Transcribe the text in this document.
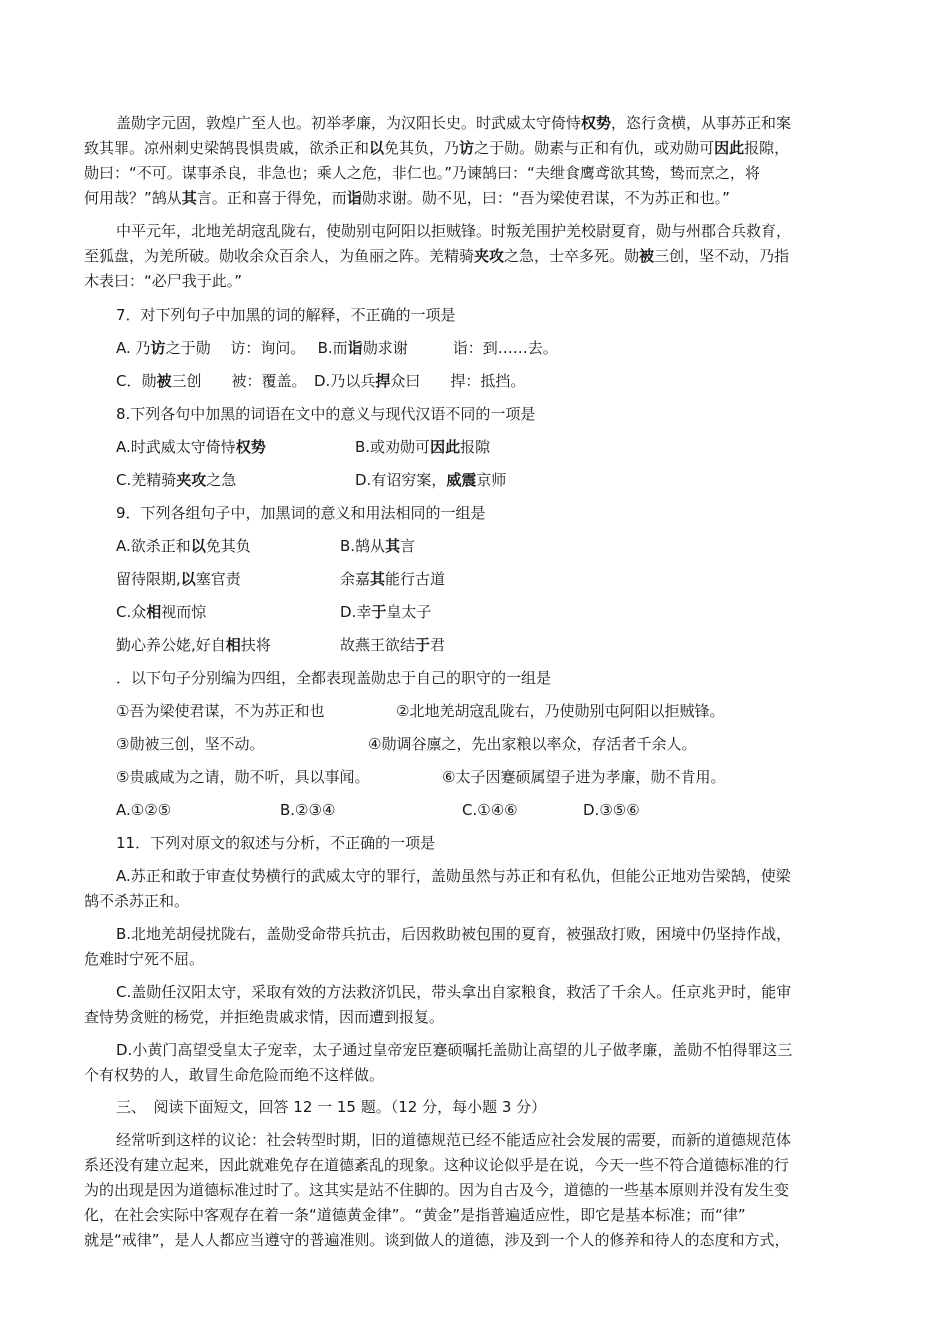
盖勋字元固，敦煌广至人也。初举孝廉，为汉阳长史。时武威太守倚恃权势，恣行贪横，从事苏正和案
致其罪。凉州刺史梁鹄畏惧贵戚，欲杀正和以免其负，乃访之于勋。勋素与正和有仇，或劝勋可因此报隙，
勋曰：“不可。谋事杀良，非急也；乘人之危，非仁也。”乃谏鹄曰：“夫绁食鹰鸢欲其鸷，鸷而烹之，将
何用哉？”鹄从其言。正和喜于得免，而诣勋求谢。勋不见，曰：“吾为梁使君谋，不为苏正和也。”
中平元年，北地羌胡寇乱陇右，使勋别屯阿阳以拒贼锋。时叛羌围护羌校尉夏育，勋与州郡合兵救育，
至狐盘，为羌所破。勋收余众百余人，为鱼丽之阵。羌精骑夹攻之急，士卒多死。勋被三创，坚不动，乃指
木表曰：“必尸我于此。”
7．对下列句子中加黑的词的解释，不正确的一项是
A. 乃访之于勋　 访：询问。　 B.而诣勋求谢　　　诣：到……去。
C．勋被三创　　被：覆盖。　D.乃以兵捍众曰　　捍：抵挡。
8.下列各句中加黑的词语在文中的意义与现代汉语不同的一项是
A.时武威太守倚恃权势	B.或劝勋可因此报隙
C.羌精骑夹攻之急	D.有诏穷案，威震京师
9．下列各组句子中，加黑词的意义和用法相同的一组是
A.欲杀正和以免其负	B.鹄从其言
留待限期,以塞官责	余嘉其能行古道
C.众相视而惊	D.幸于皇太子
勤心养公姥,好自相扶将	故燕王欲结于君
．以下句子分别编为四组，全都表现盖勋忠于自己的职守的一组是
①吾为梁使君谋，不为苏正和也	②北地羌胡寇乱陇右，乃使勋别屯阿阳以拒贼锋。
③勋被三创，坚不动。	④勋调谷廪之，先出家粮以率众，存活者千余人。
⑤贵戚咸为之请，勋不听，具以事闻。	⑥太子因蹇硕属望子进为孝廉，勋不肯用。
A.①②⑤	B.②③④	C.①④⑥	D.③⑤⑥
11．下列对原文的叙述与分析，不正确的一项是
A.苏正和敢于审查仗势横行的武威太守的罪行，盖勋虽然与苏正和有私仇，但能公正地劝告梁鹄，使梁
鹄不杀苏正和。
B.北地羌胡侵扰陇右，盖勋受命带兵抗击，后因救助被包围的夏育，被强敌打败，困境中仍坚持作战，
危难时宁死不屈。
C.盖勋任汉阳太守，采取有效的方法救济饥民，带头拿出自家粮食，救活了千余人。任京兆尹时，能审
查恃势贪赃的杨党，并拒绝贵戚求情，因而遭到报复。
D.小黄门高望受皇太子宠幸，太子通过皇帝宠臣蹇硕嘱托盖勋让高望的儿子做孝廉，盖勋不怕得罪这三
个有权势的人，敢冒生命危险而绝不这样做。
三、　阅读下面短文，回答 12 一 15 题。（12 分，每小题 3 分）
经常听到这样的议论：社会转型时期，旧的道德规范已经不能适应社会发展的需要，而新的道德规范体
系还没有建立起来，因此就难免存在道德紊乱的现象。这种议论似乎是在说，今天一些不符合道德标准的行
为的出现是因为道德标准过时了。这其实是站不住脚的。因为自古及今，道德的一些基本原则并没有发生变
化，在社会实际中客观存在着一条“道德黄金律”。“黄金”是指普遍适应性，即它是基本标准；而“律”
就是“戒律”，是人人都应当遵守的普遍准则。谈到做人的道德，涉及到一个人的修养和待人的态度和方式，
